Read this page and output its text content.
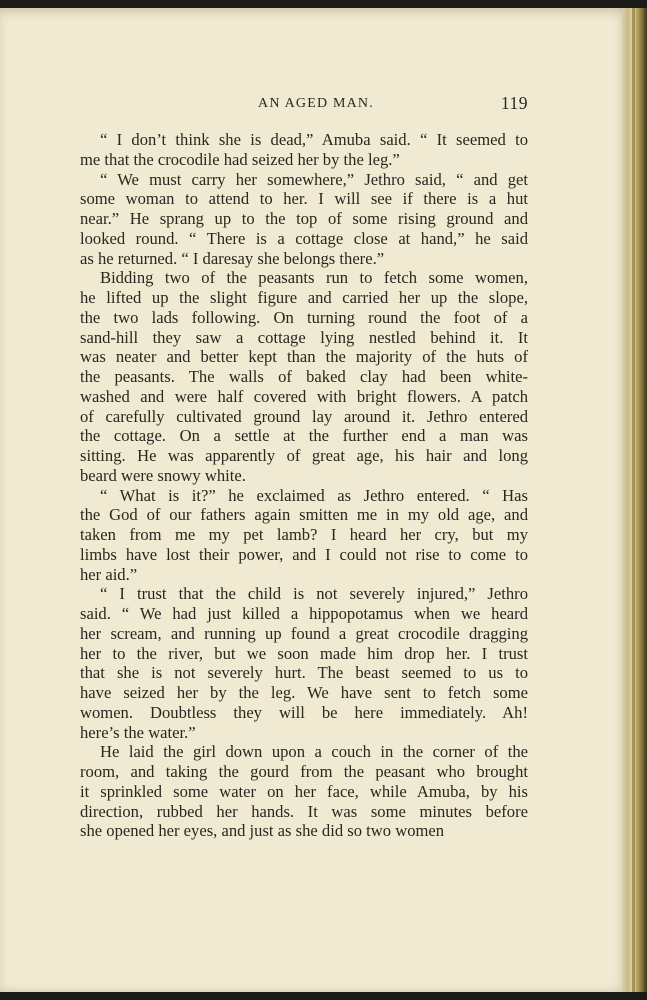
AN AGED MAN.	119
“ I don’t think she is dead,” Amuba said. “ It seemed to
me that the crocodile had seized her by the leg.”
“ We must carry her somewhere,” Jethro said, “ and get
some woman to attend to her. I will see if there is a hut
near.” He sprang up to the top of some rising ground and
looked round. “ There is a cottage close at hand,” he said
as he returned. “ I daresay she belongs there.”
Bidding two of the peasants run to fetch some women,
he lifted up the slight figure and carried her up the slope,
the two lads following. On turning round the foot of a
sand-hill they saw a cottage lying nestled behind it. It
was neater and better kept than the majority of the huts of
the peasants. The walls of baked clay had been white-
washed and were half covered with bright flowers. A patch
of carefully cultivated ground lay around it. Jethro entered
the cottage. On a settle at the further end a man was
sitting. He was apparently of great age, his hair and long
beard were snowy white.
“ What is it?” he exclaimed as Jethro entered. “ Has
the God of our fathers again smitten me in my old age, and
taken from me my pet lamb? I heard her cry, but my
limbs have lost their power, and I could not rise to come to
her aid.”
“ I trust that the child is not severely injured,” Jethro
said. “ We had just killed a hippopotamus when we heard
her scream, and running up found a great crocodile dragging
her to the river, but we soon made him drop her. I trust
that she is not severely hurt. The beast seemed to us to
have seized her by the leg. We have sent to fetch some
women. Doubtless they will be here immediately. Ah!
here’s the water.”
He laid the girl down upon a couch in the corner of the
room, and taking the gourd from the peasant who brought
it sprinkled some water on her face, while Amuba, by his
direction, rubbed her hands. It was some minutes before
she opened her eyes, and just as she did so two women
